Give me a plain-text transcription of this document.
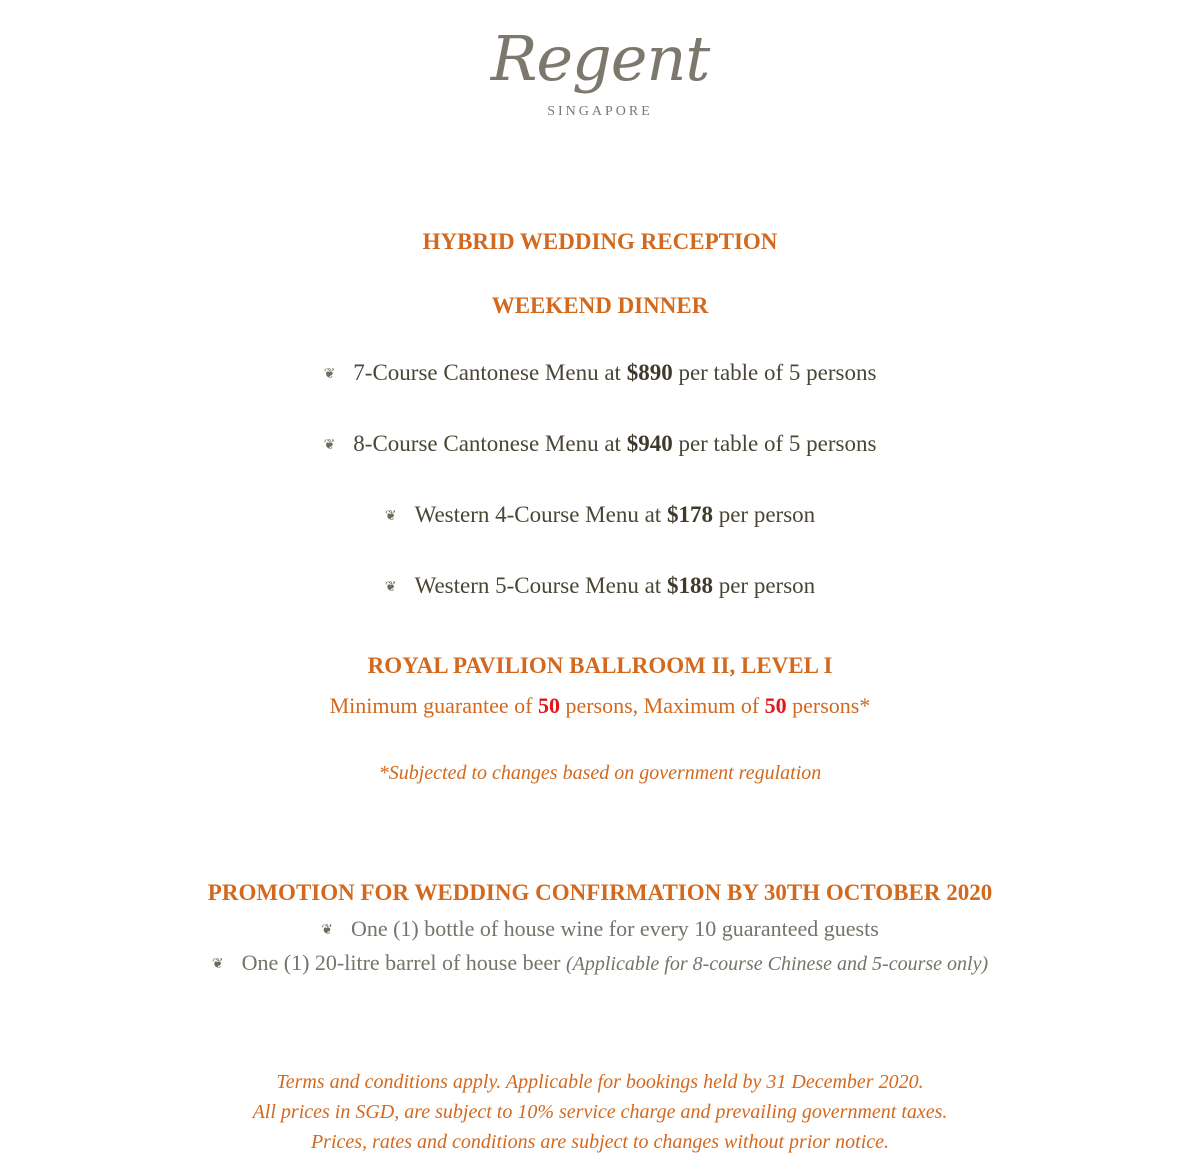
Regent
SINGAPORE
HYBRID WEDDING RECEPTION
WEEKEND DINNER
❦ 7-Course Cantonese Menu at $890 per table of 5 persons
❦ 8-Course Cantonese Menu at $940 per table of 5 persons
❦ Western 4-Course Menu at $178 per person
❦ Western 5-Course Menu at $188 per person
ROYAL PAVILION BALLROOM II, LEVEL I
Minimum guarantee of 50 persons, Maximum of 50 persons*
*Subjected to changes based on government regulation
PROMOTION FOR WEDDING CONFIRMATION BY 30TH OCTOBER 2020
❦ One (1) bottle of house wine for every 10 guaranteed guests
❦ One (1) 20-litre barrel of house beer (Applicable for 8-course Chinese and 5-course only)
Terms and conditions apply. Applicable for bookings held by 31 December 2020.
All prices in SGD, are subject to 10% service charge and prevailing government taxes.
Prices, rates and conditions are subject to changes without prior notice.
